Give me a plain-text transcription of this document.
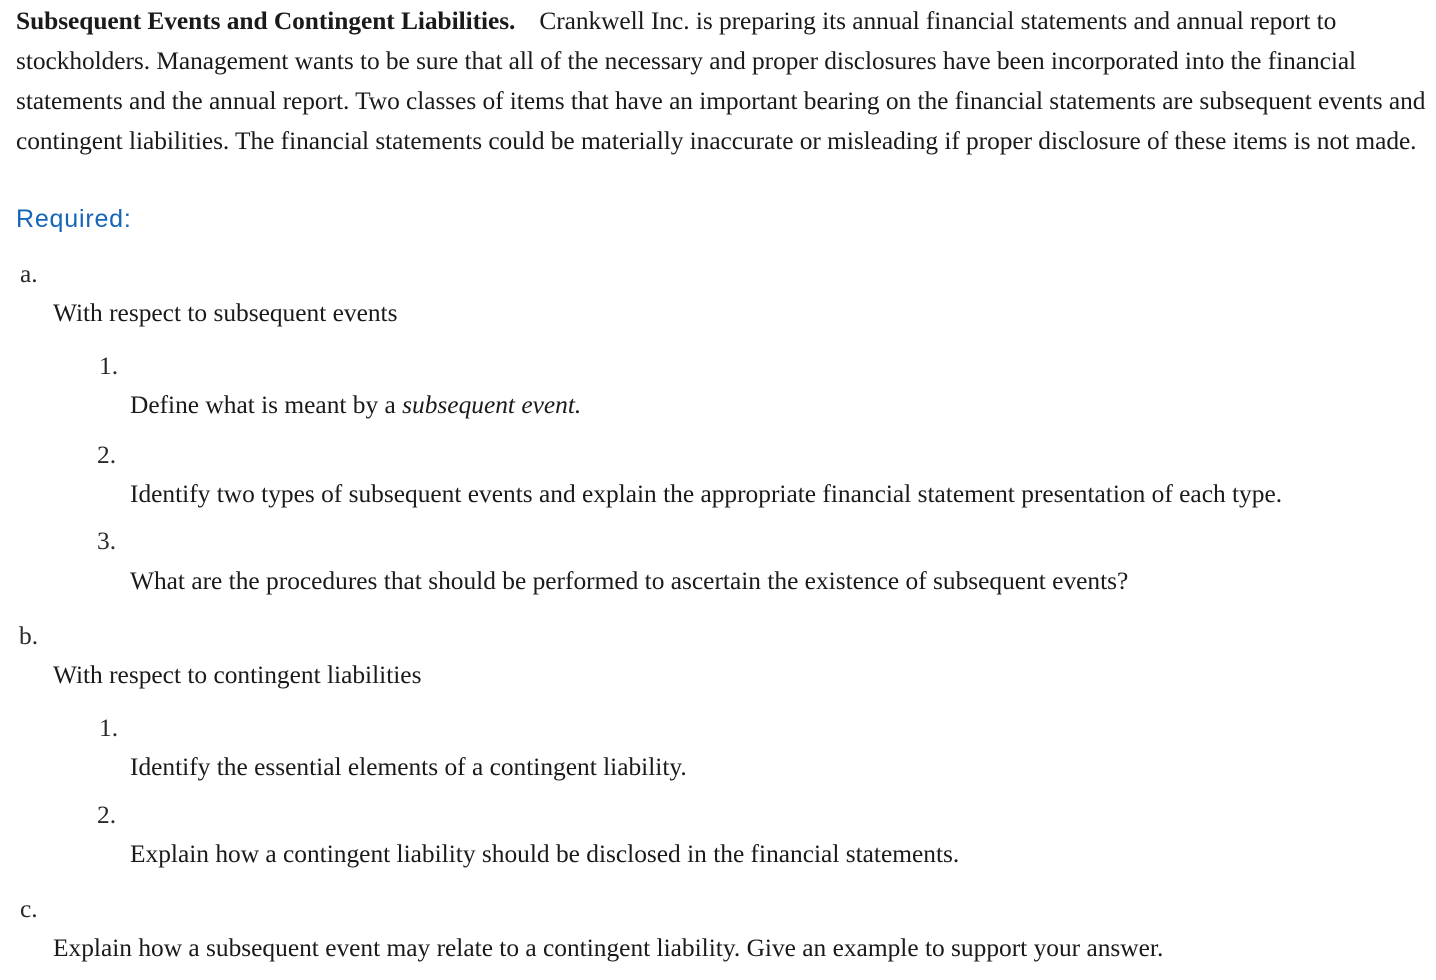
Subsequent Events and Contingent Liabilities. Crankwell Inc. is preparing its annual financial statements and annual report to stockholders. Management wants to be sure that all of the necessary and proper disclosures have been incorporated into the financial statements and the annual report. Two classes of items that have an important bearing on the financial statements are subsequent events and contingent liabilities. The financial statements could be materially inaccurate or misleading if proper disclosure of these items is not made.

Required:
a.
With respect to subsequent events
1.
Define what is meant by a subsequent event.
2.
Identify two types of subsequent events and explain the appropriate financial statement presentation of each type.
3.
What are the procedures that should be performed to ascertain the existence of subsequent events?
b.
With respect to contingent liabilities
1.
Identify the essential elements of a contingent liability.
2.
Explain how a contingent liability should be disclosed in the financial statements.
c.
Explain how a subsequent event may relate to a contingent liability. Give an example to support your answer.
